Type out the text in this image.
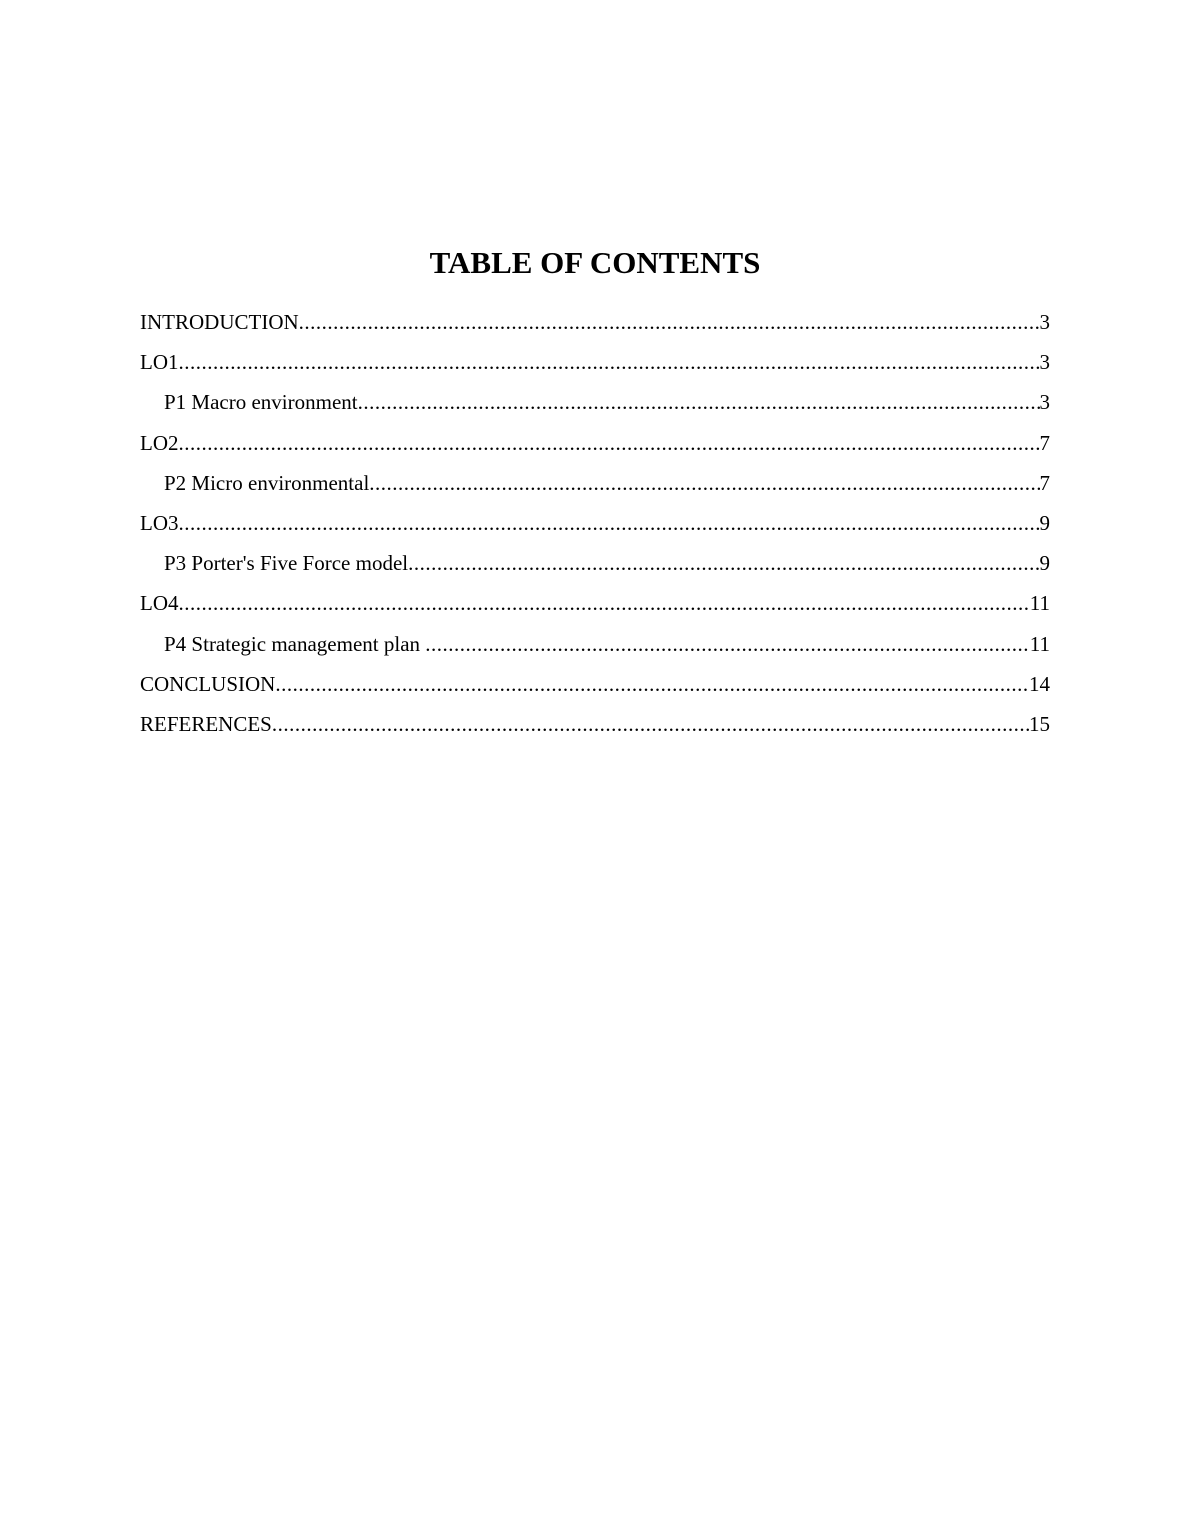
TABLE OF CONTENTS
INTRODUCTION .....	3
LO1 .....	3
P1 Macro environment .....	3
LO2 .....	7
P2 Micro environmental .....	7
LO3 .....	9
P3 Porter's Five Force model .....	9
LO4 .....	11
P4 Strategic management plan .....	11
CONCLUSION .....	14
REFERENCES .....	15
